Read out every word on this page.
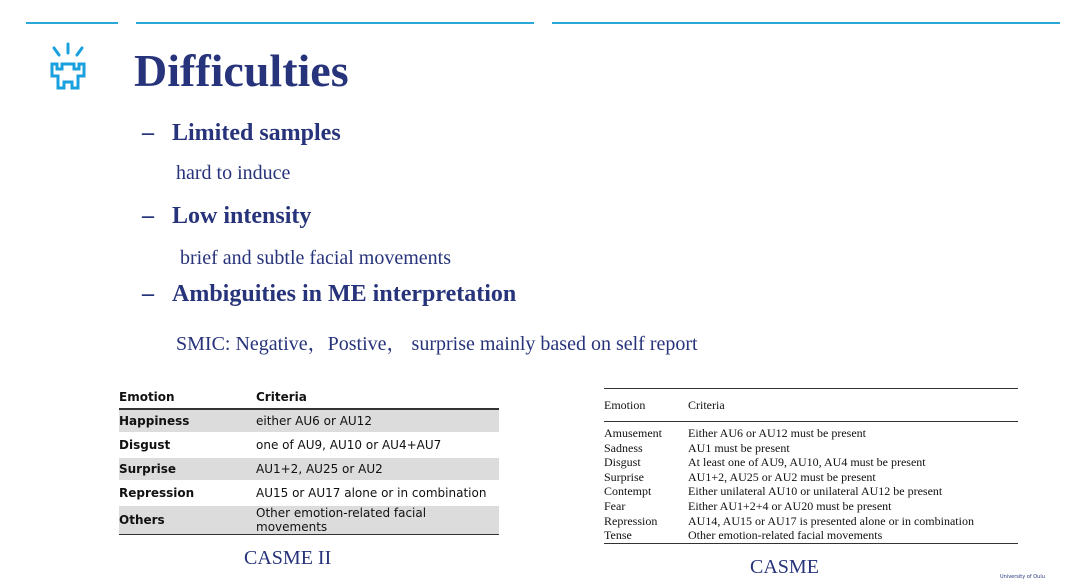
Difficulties
– Limited samples
hard to induce
– Low intensity
brief and subtle facial movements
– Ambiguities in ME interpretation
SMIC: Negative，Postive， surprise mainly based on self report
Emotion	Criteria
Happiness	either AU6 or AU12
Disgust	one of AU9, AU10 or AU4+AU7
Surprise	AU1+2, AU25 or AU2
Repression	AU15 or AU17 alone or in combination
Others	Other emotion-related facial movements
CASME II
Emotion	Criteria
Amusement	Either AU6 or AU12 must be present
Sadness	AU1 must be present
Disgust	At least one of AU9, AU10, AU4 must be present
Surprise	AU1+2, AU25 or AU2 must be present
Contempt	Either unilateral AU10 or unilateral AU12 be present
Fear	Either AU1+2+4 or AU20 must be present
Repression	AU14, AU15 or AU17 is presented alone or in combination
Tense	Other emotion-related facial movements
CASME	University of Oulu
